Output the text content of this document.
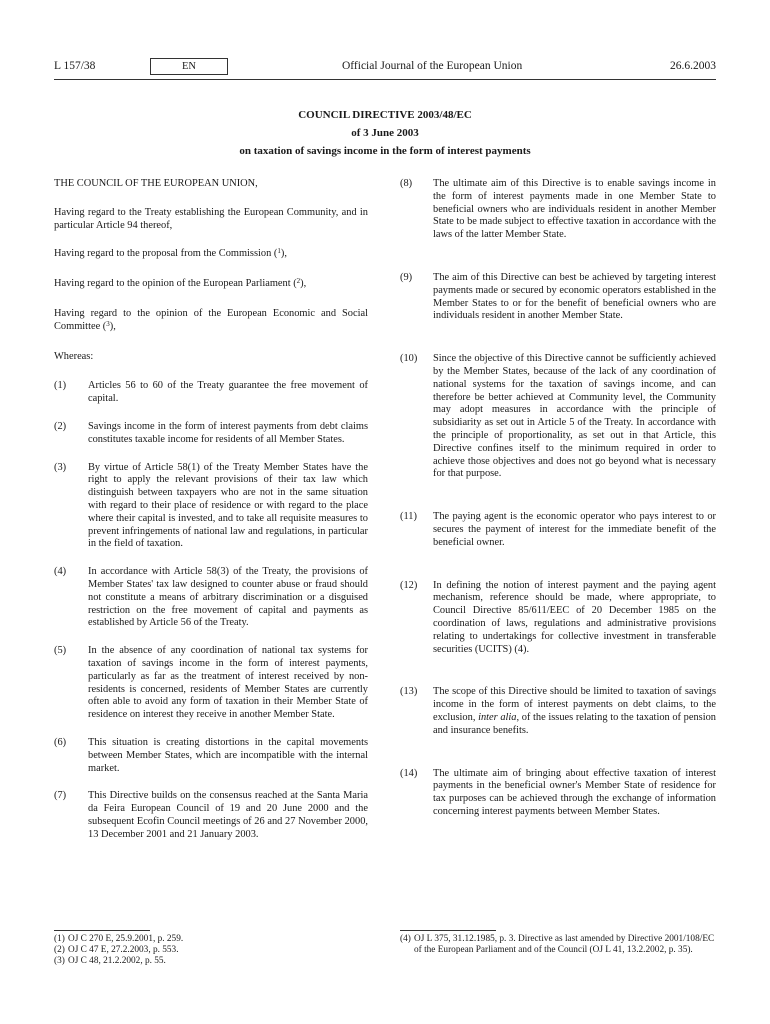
L 157/38	EN	Official Journal of the European Union	26.6.2003
COUNCIL DIRECTIVE 2003/48/EC
of 3 June 2003
on taxation of savings income in the form of interest payments

THE COUNCIL OF THE EUROPEAN UNION,

Having regard to the Treaty establishing the European Community, and in particular Article 94 thereof,

Having regard to the proposal from the Commission ($^1$),

Having regard to the opinion of the European Parliament ($^2$),

Having regard to the opinion of the European Economic and Social Committee ($^3$),

Whereas:

(1)	Articles 56 to 60 of the Treaty guarantee the free movement of capital.
(2)	Savings income in the form of interest payments from debt claims constitutes taxable income for residents of all Member States.
(3)	By virtue of Article 58(1) of the Treaty Member States have the right to apply the relevant provisions of their tax law which distinguish between taxpayers who are not in the same situation with regard to their place of residence or with regard to the place where their capital is invested, and to take all requisite measures to prevent infringements of national law and regulations, in particular in the field of taxation.
(4)	In accordance with Article 58(3) of the Treaty, the provisions of Member States' tax law designed to counter abuse or fraud should not constitute a means of arbitrary discrimination or a disguised restriction on the free movement of capital and payments as established by Article 56 of the Treaty.
(5)	In the absence of any coordination of national tax systems for taxation of savings income in the form of interest payments, particularly as far as the treatment of interest received by non-residents is concerned, residents of Member States are currently often able to avoid any form of taxation in their Member State of residence on interest they receive in another Member State.
(6)	This situation is creating distortions in the capital movements between Member States, which are incompatible with the internal market.
(7)	This Directive builds on the consensus reached at the Santa Maria da Feira European Council of 19 and 20 June 2000 and the subsequent Ecofin Council meetings of 26 and 27 November 2000, 13 December 2001 and 21 January 2003.
(8)	The ultimate aim of this Directive is to enable savings income in the form of interest payments made in one Member State to beneficial owners who are individuals resident in another Member State to be made subject to effective taxation in accordance with the laws of the latter Member State.
(9)	The aim of this Directive can best be achieved by targeting interest payments made or secured by economic operators established in the Member States to or for the benefit of beneficial owners who are individuals resident in another Member State.
(10)	Since the objective of this Directive cannot be sufficiently achieved by the Member States, because of the lack of any coordination of national systems for the taxation of savings income, and can therefore be better achieved at Community level, the Community may adopt measures in accordance with the principle of subsidiarity as set out in Article 5 of the Treaty. In accordance with the principle of proportionality, as set out in that Article, this Directive confines itself to the minimum required in order to achieve those objectives and does not go beyond what is necessary for that purpose.
(11)	The paying agent is the economic operator who pays interest to or secures the payment of interest for the immediate benefit of the beneficial owner.
(12)	In defining the notion of interest payment and the paying agent mechanism, reference should be made, where appropriate, to Council Directive 85/611/EEC of 20 December 1985 on the coordination of laws, regulations and administrative provisions relating to undertakings for collective investment in transferable securities (UCITS) (4).
(13)	The scope of this Directive should be limited to taxation of savings income in the form of interest payments on debt claims, to the exclusion, inter alia, of the issues relating to the taxation of pension and insurance benefits.
(14)	The ultimate aim of bringing about effective taxation of interest payments in the beneficial owner's Member State of residence for tax purposes can be achieved through the exchange of information concerning interest payments between Member States.
(1) OJ C 270 E, 25.9.2001, p. 259.
(2) OJ C 47 E, 27.2.2003, p. 553.
(3) OJ C 48, 21.2.2002, p. 55.
(4) OJ L 375, 31.12.1985, p. 3. Directive as last amended by Directive 2001/108/EC of the European Parliament and of the Council (OJ L 41, 13.2.2002, p. 35).
